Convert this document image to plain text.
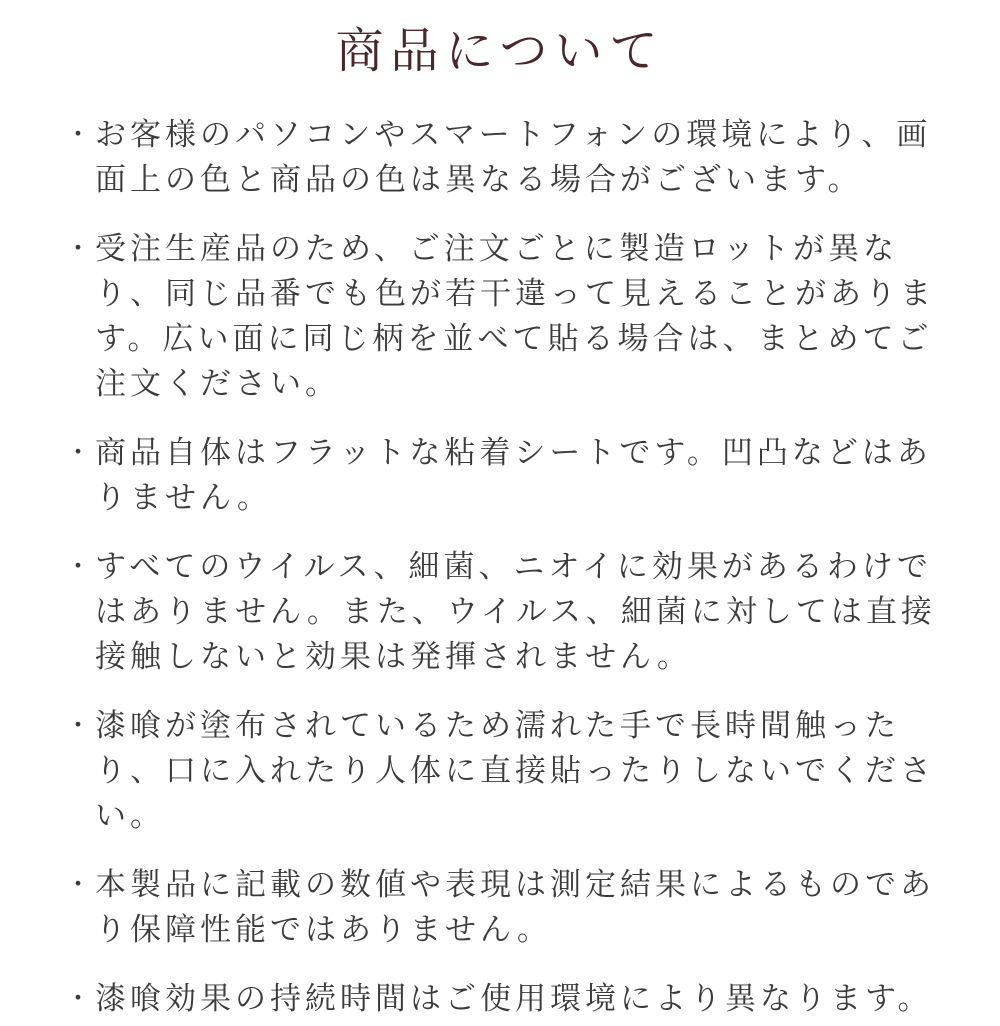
商品について
・ お客様のパソコンやスマートフォンの環境により、画面上の色と商品の色は異なる場合がございます。
・ 受注生産品のため、ご注文ごとに製造ロットが異なり、同じ品番でも色が若干違って見えることがあります。広い面に同じ柄を並べて貼る場合は、まとめてご注文ください。
・ 商品自体はフラットな粘着シートです。凹凸などはありません。
・ すべてのウイルス、細菌、ニオイに効果があるわけではありません。また、ウイルス、細菌に対しては直接接触しないと効果は発揮されません。
・ 漆喰が塗布されているため濡れた手で長時間触ったり、口に入れたり人体に直接貼ったりしないでください。
・ 本製品に記載の数値や表現は測定結果によるものであり保障性能ではありません。
・ 漆喰効果の持続時間はご使用環境により異なります。
